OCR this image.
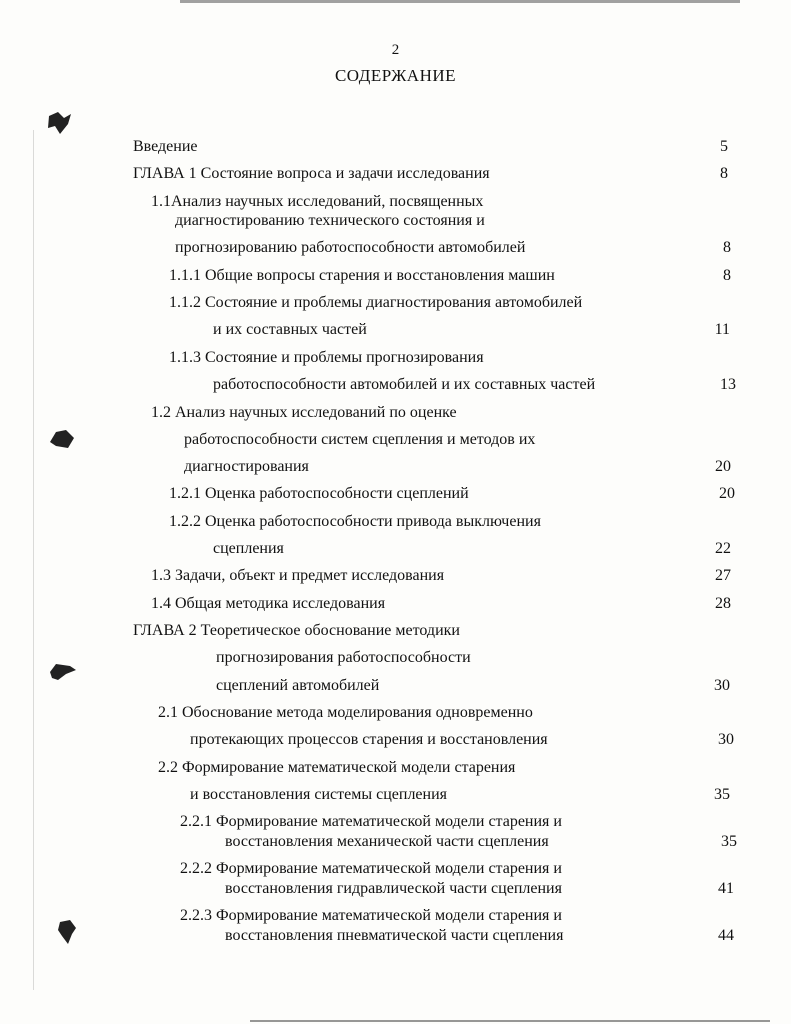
2
СОДЕРЖАНИЕ
Введение	5
ГЛАВА 1 Состояние вопроса и задачи исследования	8
1.1Анализ научных исследований, посвященных
диагностированию технического состояния и
прогнозированию работоспособности автомобилей	8
1.1.1 Общие вопросы старения и восстановления машин	8
1.1.2 Состояние и проблемы диагностирования автомобилей
и их составных частей	11
1.1.3 Состояние и проблемы прогнозирования
работоспособности автомобилей и их составных частей	13
1.2 Анализ научных исследований по оценке
работоспособности систем сцепления и методов их
диагностирования	20
1.2.1 Оценка работоспособности сцеплений	20
1.2.2 Оценка работоспособности привода выключения
сцепления	22
1.3 Задачи, объект и предмет исследования	27
1.4 Общая методика исследования	28
ГЛАВА 2 Теоретическое обоснование методики
прогнозирования работоспособности
сцеплений автомобилей	30
2.1 Обоснование метода моделирования одновременно
протекающих процессов старения и восстановления	30
2.2 Формирование математической модели старения
и восстановления системы сцепления	35
2.2.1 Формирование математической модели старения и
восстановления механической части сцепления	35
2.2.2 Формирование математической модели старения и
восстановления гидравлической части сцепления	41
2.2.3 Формирование математической модели старения и
восстановления пневматической части сцепления	44
